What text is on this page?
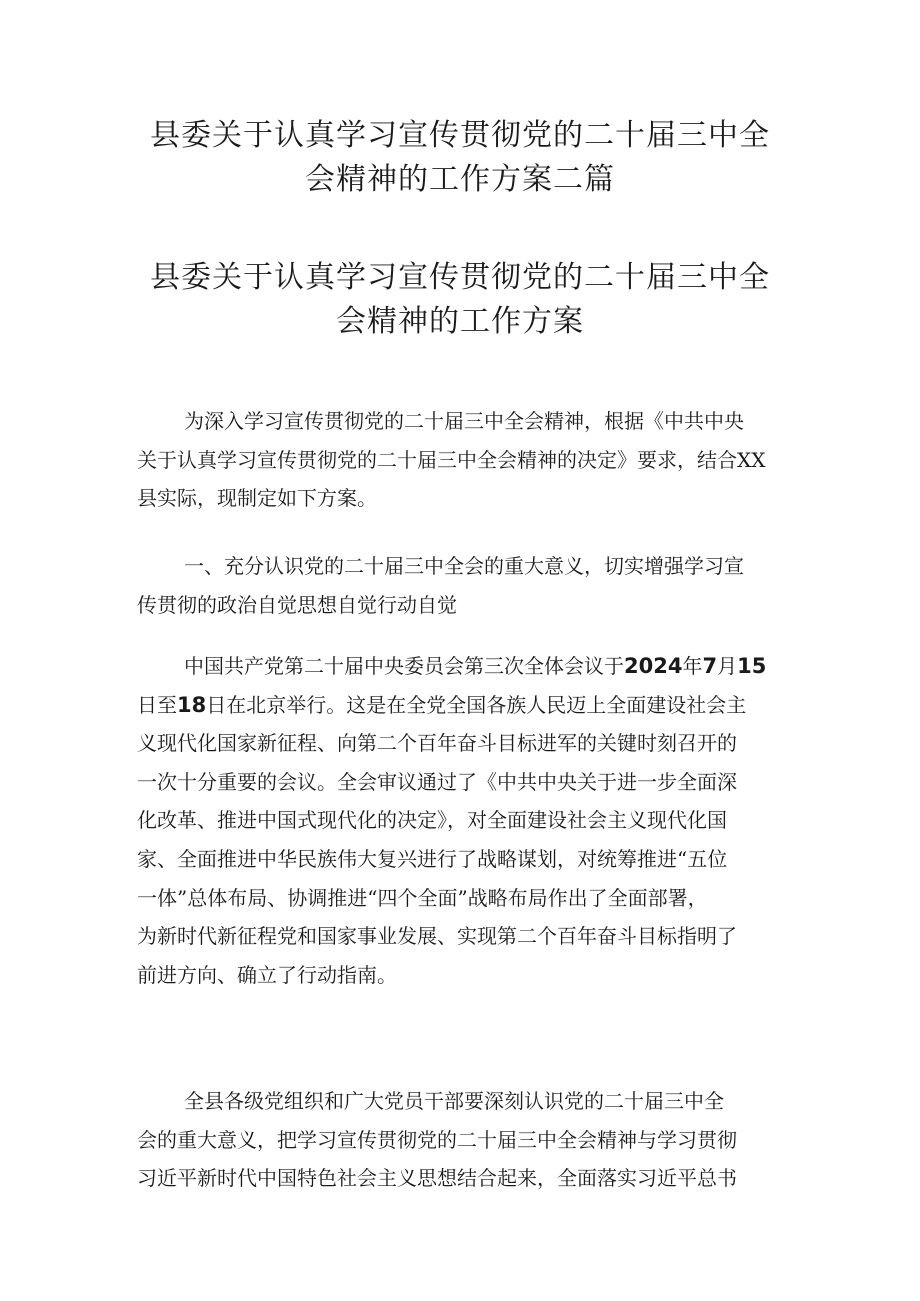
县委关于认真学习宣传贯彻党的二十届三中全
会精神的工作方案二篇
县委关于认真学习宣传贯彻党的二十届三中全
会精神的工作方案

为深入学习宣传贯彻党的二十届三中全会精神，根据《中共中央
关于认真学习宣传贯彻党的二十届三中全会精神的决定》要求，结合XX
县实际，现制定如下方案。

一、充分认识党的二十届三中全会的重大意义，切实增强学习宣
传贯彻的政治自觉思想自觉行动自觉

中国共产党第二十届中央委员会第三次全体会议于2024年7月15
日至18日在北京举行。这是在全党全国各族人民迈上全面建设社会主
义现代化国家新征程、向第二个百年奋斗目标进军的关键时刻召开的
一次十分重要的会议。全会审议通过了《中共中央关于进一步全面深
化改革、推进中国式现代化的决定》，对全面建设社会主义现代化国
家、全面推进中华民族伟大复兴进行了战略谋划，对统筹推进“五位
一体”总体布局、协调推进“四个全面”战略布局作出了全面部署，
为新时代新征程党和国家事业发展、实现第二个百年奋斗目标指明了
前进方向、确立了行动指南。

全县各级党组织和广大党员干部要深刻认识党的二十届三中全
会的重大意义，把学习宣传贯彻党的二十届三中全会精神与学习贯彻
习近平新时代中国特色社会主义思想结合起来，全面落实习近平总书
